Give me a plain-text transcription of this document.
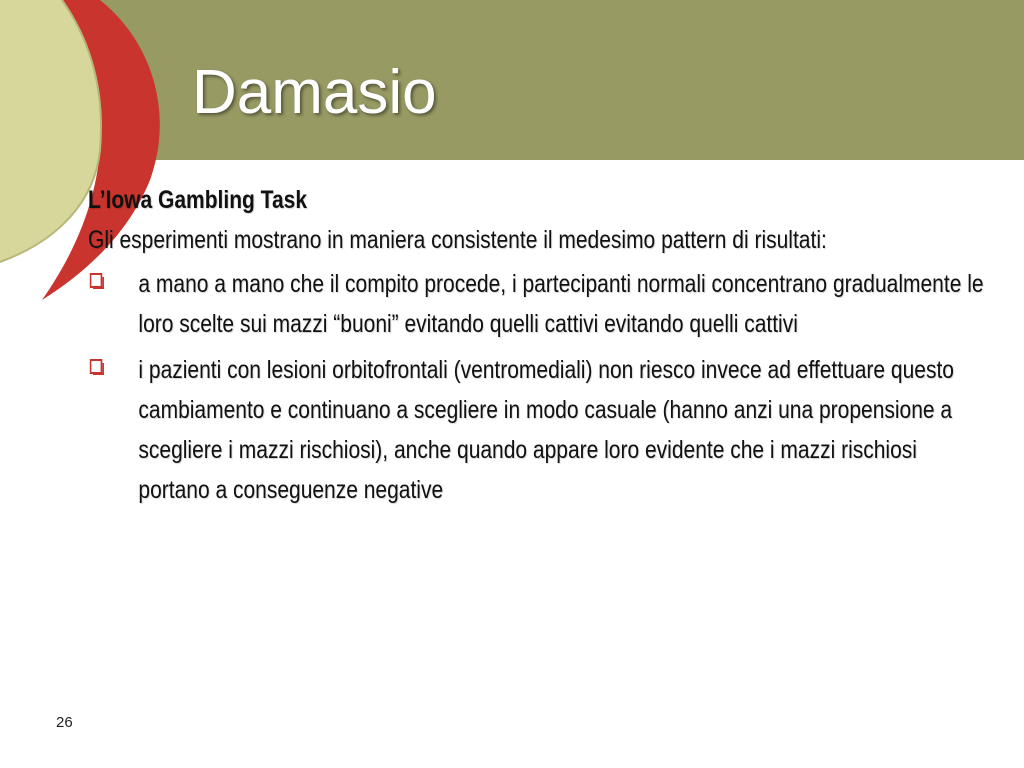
Damasio

L’Iowa Gambling Task

Gli esperimenti mostrano in maniera consistente il medesimo pattern di risultati:

a mano a mano che il compito procede, i partecipanti normali concentrano gradualmente le loro scelte sui mazzi “buoni” evitando quelli cattivi evitando quelli cattivi
i pazienti con lesioni orbitofrontali (ventromediali) non riesco invece ad effettuare questo cambiamento e continuano a scegliere in modo casuale (hanno anzi una propensione a scegliere i mazzi rischiosi), anche quando appare loro evidente che i mazzi rischiosi portano a conseguenze negative
26
